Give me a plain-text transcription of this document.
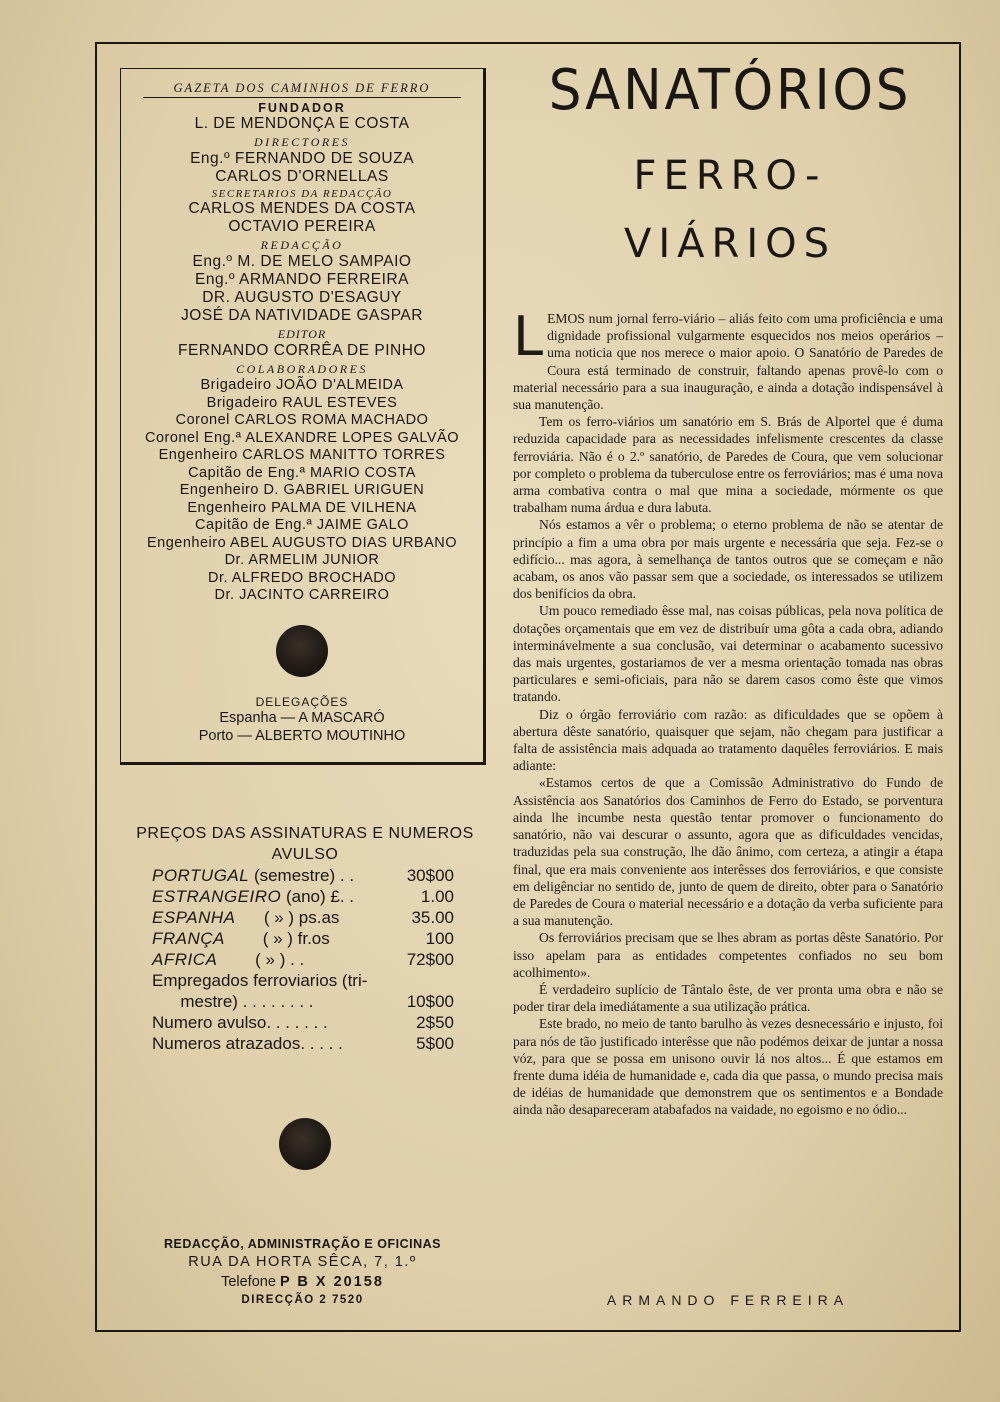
GAZETA DOS CAMINHOS DE FERRO
FUNDADOR
L. DE MENDONÇA E COSTA
DIRECTORES
Eng.º FERNANDO DE SOUZA
CARLOS D'ORNELLAS
SECRETARIOS DA REDACÇÃO
CARLOS MENDES DA COSTA
OCTAVIO PEREIRA
REDACÇÃO
Eng.º M. DE MELO SAMPAIO
Eng.º ARMANDO FERREIRA
DR. AUGUSTO D'ESAGUY
JOSÉ DA NATIVIDADE GASPAR
EDITOR
FERNANDO CORRÊA DE PINHO
COLABORADORES
Brigadeiro JOÃO D'ALMEIDA
Brigadeiro RAUL ESTEVES
Coronel CARLOS ROMA MACHADO
Coronel Eng.ª ALEXANDRE LOPES GALVÃO
Engenheiro CARLOS MANITTO TORRES
Capitão de Eng.ª MARIO COSTA
Engenheiro D. GABRIEL URIGUEN
Engenheiro PALMA DE VILHENA
Capitão de Eng.ª JAIME GALO
Engenheiro ABEL AUGUSTO DIAS URBANO
Dr. ARMELIM JUNIOR
Dr. ALFREDO BROCHADO
Dr. JACINTO CARREIRO
DELEGAÇÕES
Espanha — A MASCARÓ
Porto — ALBERTO MOUTINHO
PREÇOS DAS ASSINATURAS E NUMEROS
AVULSO
PORTUGAL (semestre) . .	30$00
ESTRANGEIRO (ano) £. .	1.00
ESPANHA      ( » ) ps.as	35.00
FRANÇA        ( » ) fr.os	100
AFRICA        ( » ) . .	72$00
Empregados ferroviarios (tri-
mestre) . . . . . . . .	10$00
Numero avulso. . . . . . .	2$50
Numeros atrazados. . . . .	5$00
REDACÇÃO, ADMINISTRAÇÃO E OFICINAS
RUA DA HORTA SÊCA, 7, 1.º
Telefone P B X 20158
DIRECÇÃO 2 7520
SANATÓRIOS
FERRO-
VIÁRIOS

LEMOS num jornal ferro-viário – aliás feito com uma proficiência e uma dignidade profissional vulgarmente esquecidos nos meios operários – uma noticia que nos merece o maior apoio. O Sanatório de Paredes de Coura está terminado de construir, faltando apenas provê-lo com o material necessário para a sua inauguração, e ainda a dotação indispensável à sua manutenção.

Tem os ferro-viários um sanatório em S. Brás de Alportel que é duma reduzida capacidade para as necessidades infelismente crescentes da classe ferroviária. Não é o 2.º sanatório, de Paredes de Coura, que vem solucionar por completo o problema da tuberculose entre os ferroviários; mas é uma nova arma combativa contra o mal que mina a sociedade, mórmente os que trabalham numa árdua e dura labuta.

Nós estamos a vêr o problema; o eterno problema de não se atentar de princípio a fim a uma obra por mais urgente e necessária que seja. Fez-se o edifício... mas agora, à semelhança de tantos outros que se começam e não acabam, os anos vão passar sem que a sociedade, os interessados se utilizem dos benifícios da obra.

Um pouco remediado êsse mal, nas coisas públicas, pela nova política de dotações orçamentais que em vez de distribuír uma gôta a cada obra, adiando interminávelmente a sua conclusão, vai determinar o acabamento sucessivo das mais urgentes, gostariamos de ver a mesma orientação tomada nas obras particulares e semi-oficiais, para não se darem casos como êste que vimos tratando.

Diz o órgão ferroviário com razão: as dificuldades que se opõem à abertura dêste sanatório, quaisquer que sejam, não chegam para justificar a falta de assistência mais adquada ao tratamento daquêles ferroviários. E mais adiante:

«Estamos certos de que a Comissão Administrativo do Fundo de Assistência aos Sanatórios dos Caminhos de Ferro do Estado, se porventura ainda lhe incumbe nesta questão tentar promover o funcionamento do sanatório, não vai descurar o assunto, agora que as dificuldades vencidas, traduzidas pela sua construção, lhe dão ânimo, com certeza, a atingir a étapa final, que era mais conveniente aos interêsses dos ferroviários, e que consiste em deligênciar no sentido de, junto de quem de direito, obter para o Sanatório de Paredes de Coura o material necessário e a dotação da verba suficiente para a sua manutenção.

Os ferroviários precisam que se lhes abram as portas dêste Sanatório. Por isso apelam para as entidades competentes confiados no seu bom acolhimento».

É verdadeiro suplício de Tântalo êste, de ver pronta uma obra e não se poder tirar dela imediátamente a sua utilização prática.

Este brado, no meio de tanto barulho às vezes desnecessário e injusto, foi para nós de tão justificado interêsse que não podémos deixar de juntar a nossa vóz, para que se possa em unisono ouvir lá nos altos... É que estamos em frente duma idéia de humanidade e, cada dia que passa, o mundo precisa mais de idéias de humanidade que demonstrem que os sentimentos e a Bondade ainda não desapareceram atabafados na vaidade, no egoismo e no ódio...

ARMANDO FERREIRA
